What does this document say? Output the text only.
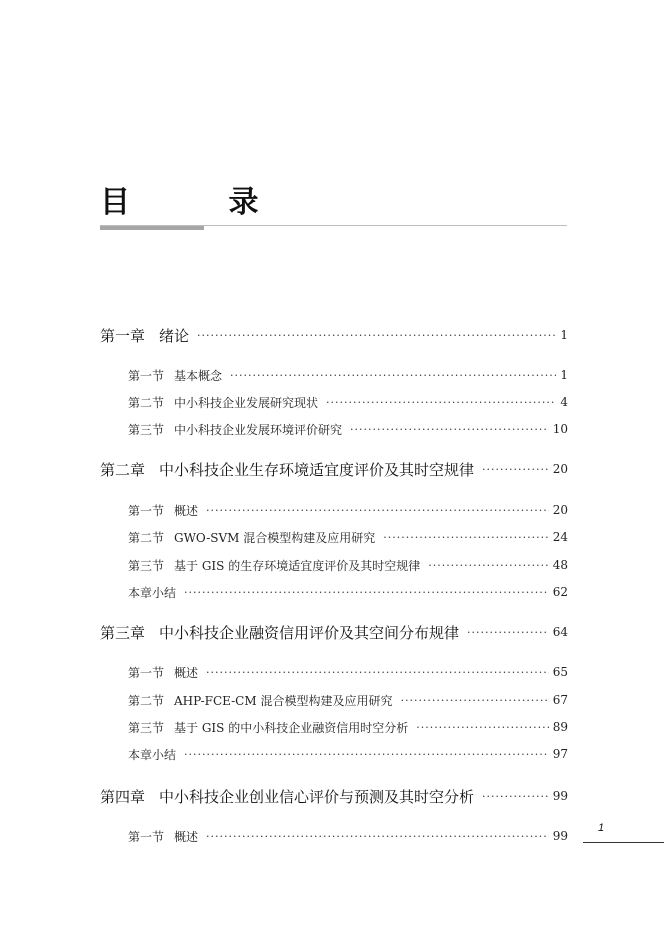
目 录
第一章 绪论 ·····	1
第一节 基本概念 ·····	1
第二节 中小科技企业发展研究现状 ·····	4
第三节 中小科技企业发展环境评价研究 ·····	10
第二章 中小科技企业生存环境适宜度评价及其时空规律 ·····	20
第一节 概述 ·····	20
第二节 GWO-SVM 混合模型构建及应用研究 ·····	24
第三节 基于 GIS 的生存环境适宜度评价及其时空规律 ·····	48
本章小结 ·····	62
第三章 中小科技企业融资信用评价及其空间分布规律 ·····	64
第一节 概述 ·····	65
第二节 AHP-FCE-CM 混合模型构建及应用研究 ·····	67
第三节 基于 GIS 的中小科技企业融资信用时空分析 ·····	89
本章小结 ·····	97
第四章 中小科技企业创业信心评价与预测及其时空分析 ·····	99
第一节 概述 ·····	99
1
